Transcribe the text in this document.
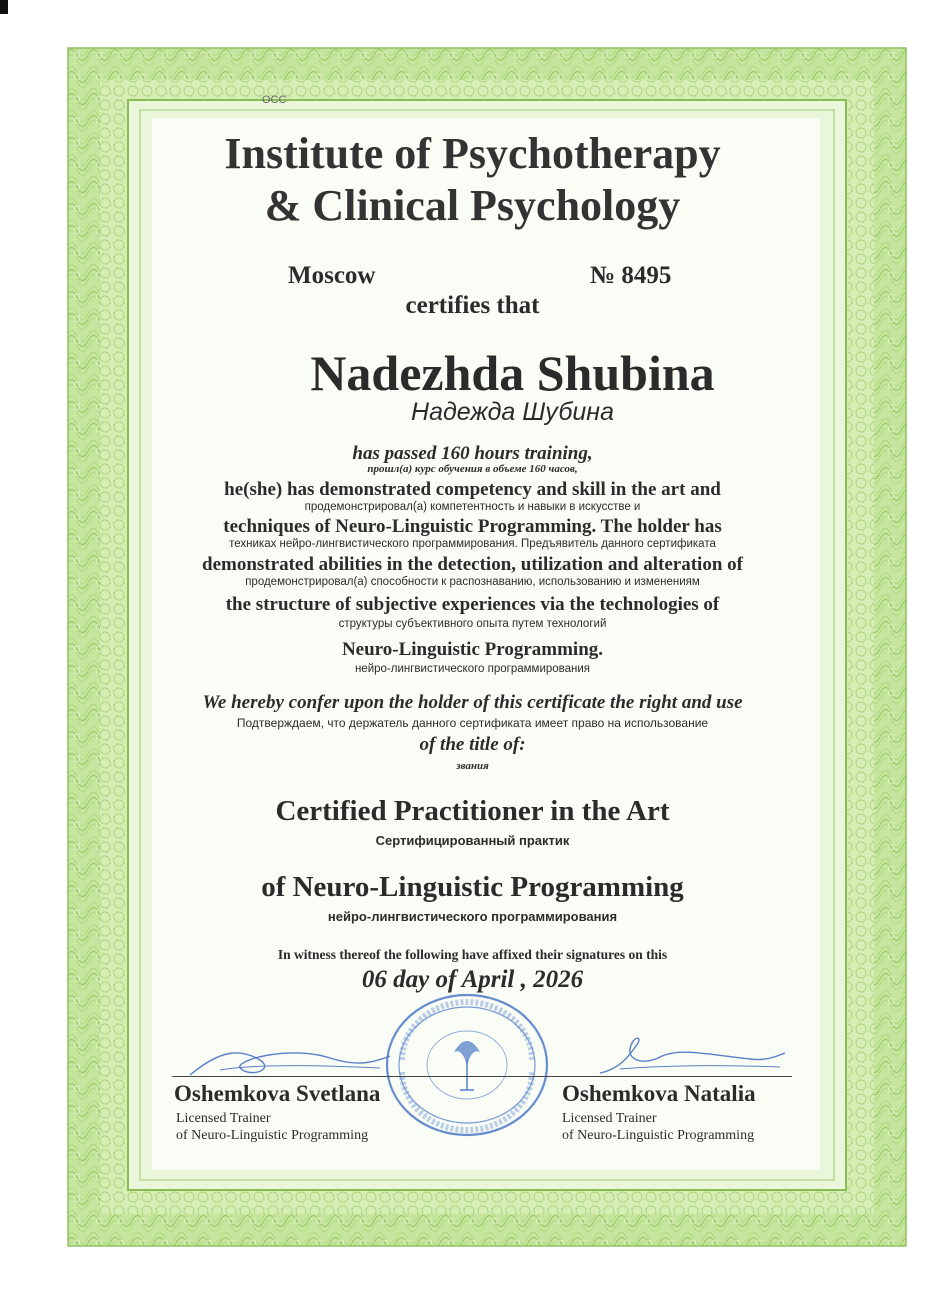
ОСС
Institute of Psychotherapy
& Clinical Psychology
Moscow	№ 8495
certifies that
Nadezhda Shubina
Надежда Шубина
has passed 160 hours training,
прошл(а) курс обучения в объеме 160 часов,
he(she) has demonstrated competency and skill in the art and
продемонстрировал(а) компетентность и навыки в искусстве и
techniques of Neuro-Linguistic Programming. The holder has
техниках нейро-лингвистического программирования. Предъявитель данного сертификата
demonstrated abilities in the detection, utilization and alteration of
продемонстрировал(а) способности к распознаванию, использованию и изменениям
the structure of subjective experiences via the technologies of
структуры субъективного опыта путем технологий
Neuro-Linguistic Programming.
нейро-лингвистического программирования
We hereby confer upon the holder of this certificate the right and use
Подтверждаем, что держатель данного сертификата имеет право на использование
of the title of:
звания
Certified Practitioner in the Art
Сертифицированный практик
of Neuro-Linguistic Programming
нейро-лингвистического программирования
In witness thereof the following have affixed their signatures on this
06 day of April , 2026
Oshemkova Svetlana
Licensed Trainer
of Neuro-Linguistic Programming
Oshemkova Natalia
Licensed Trainer
of Neuro-Linguistic Programming
